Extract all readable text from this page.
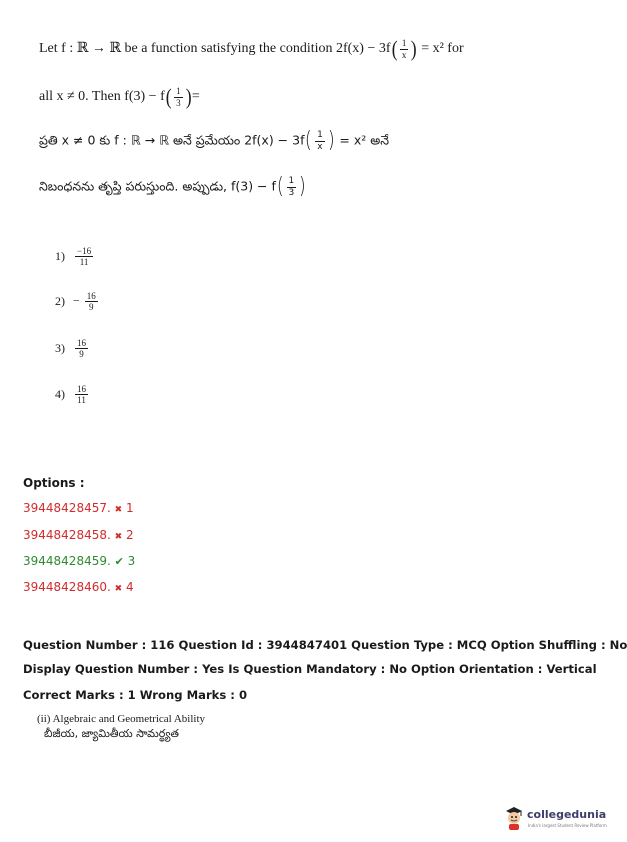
Let f : ℝ → ℝ be a function satisfying the condition 2f(x) − 3f ( $\frac{1}{x}$ ) = x² for
all x ≠ 0. Then f(3) − f ( $\frac{1}{3}$ ) =
ప్రతి x ≠ 0 కు f : ℝ → ℝ అనే ప్రమేయం 2f(x) − 3f ( $\frac{1}{x}$ ) = x² అనే
నిబంధనను తృప్తి పరుస్తుంది. అప్పుడు, f(3) − f ( $\frac{1}{3}$ )
$1) \frac{-16}{11}$
$2) - \frac{16}{9}$
$3) \frac{16}{9}$
$4) \frac{16}{11}$
Options :
39448428457. ✖ 1
39448428458. ✖ 2
39448428459. ✔ 3
39448428460. ✖ 4
Question Number : 116 Question Id : 3944847401 Question Type : MCQ Option Shuffling : No
Display Question Number : Yes Is Question Mandatory : No Option Orientation : Vertical
Correct Marks : 1 Wrong Marks : 0
(ii) Algebraic and Geometrical Ability
బీజీయ, జ్యామితీయ సామర్థ్యత
collegedunia
India's largest Student Review Platform
